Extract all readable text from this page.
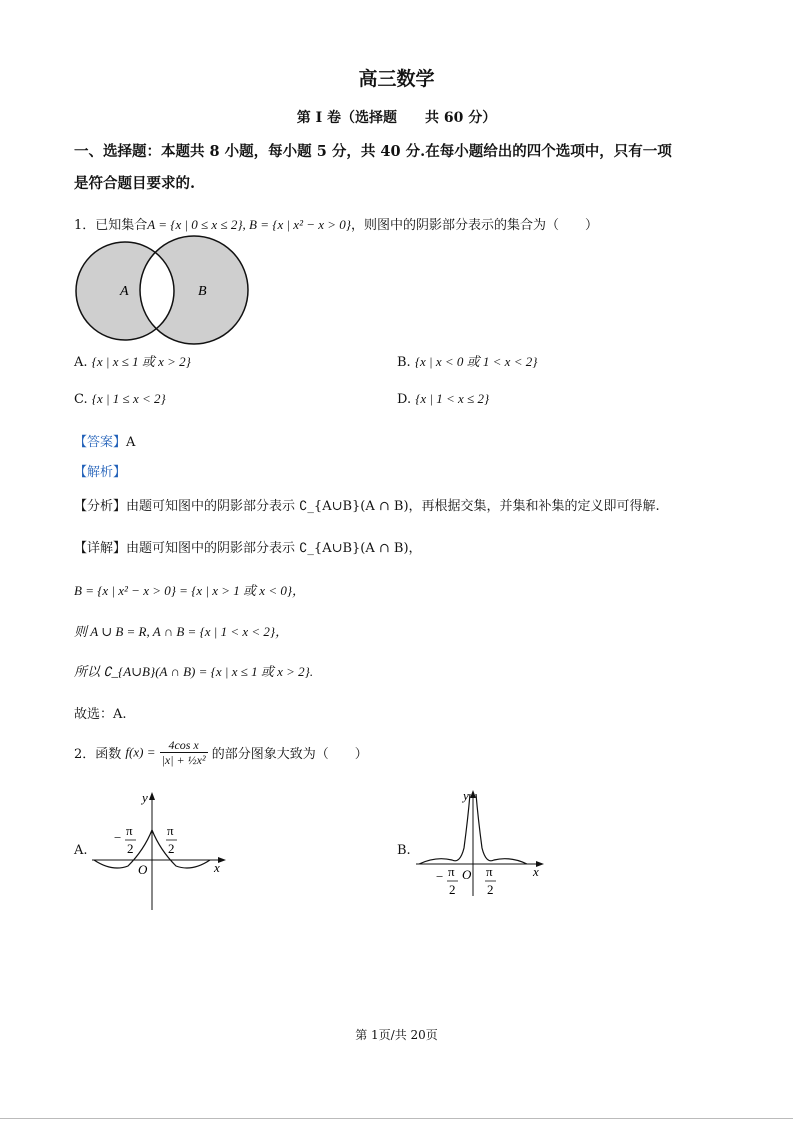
高三数学
第 I 卷（选择题　　共 60 分）
一、选择题：本题共 8 小题，每小题 5 分，共 40 分.在每小题给出的四个选项中，只有一项
是符合题目要求的.
1．已知集合A = {x | 0 ≤ x ≤ 2}, B = {x | x² − x > 0}，则图中的阴影部分表示的集合为（　　）
A	B
A. {x | x ≤ 1 或 x > 2}	B. {x | x < 0 或 1 < x < 2}
C. {x | 1 ≤ x < 2}	D. {x | 1 < x ≤ 2}
【答案】A
【解析】
【分析】由题可知图中的阴影部分表示 ∁_{A∪B}(A ∩ B)，再根据交集，并集和补集的定义即可得解.
【详解】由题可知图中的阴影部分表示 ∁_{A∪B}(A ∩ B)，
B = {x | x² − x > 0} = {x | x > 1 或 x < 0}，
则 A ∪ B = R, A ∩ B = {x | 1 < x < 2}，
所以 ∁_{A∪B}(A ∩ B) = {x | x ≤ 1 或 x > 2}.
故选：A.
2．函数 $f(x) = \frac{\text{4cos x}}{\text{|x| + ½x²}}$ 的部分图象大致为（　　）
A.	B.
y
x
O
− π
2
π
2
y
x
O
− π
2
π
2
第 1页/共 20页
